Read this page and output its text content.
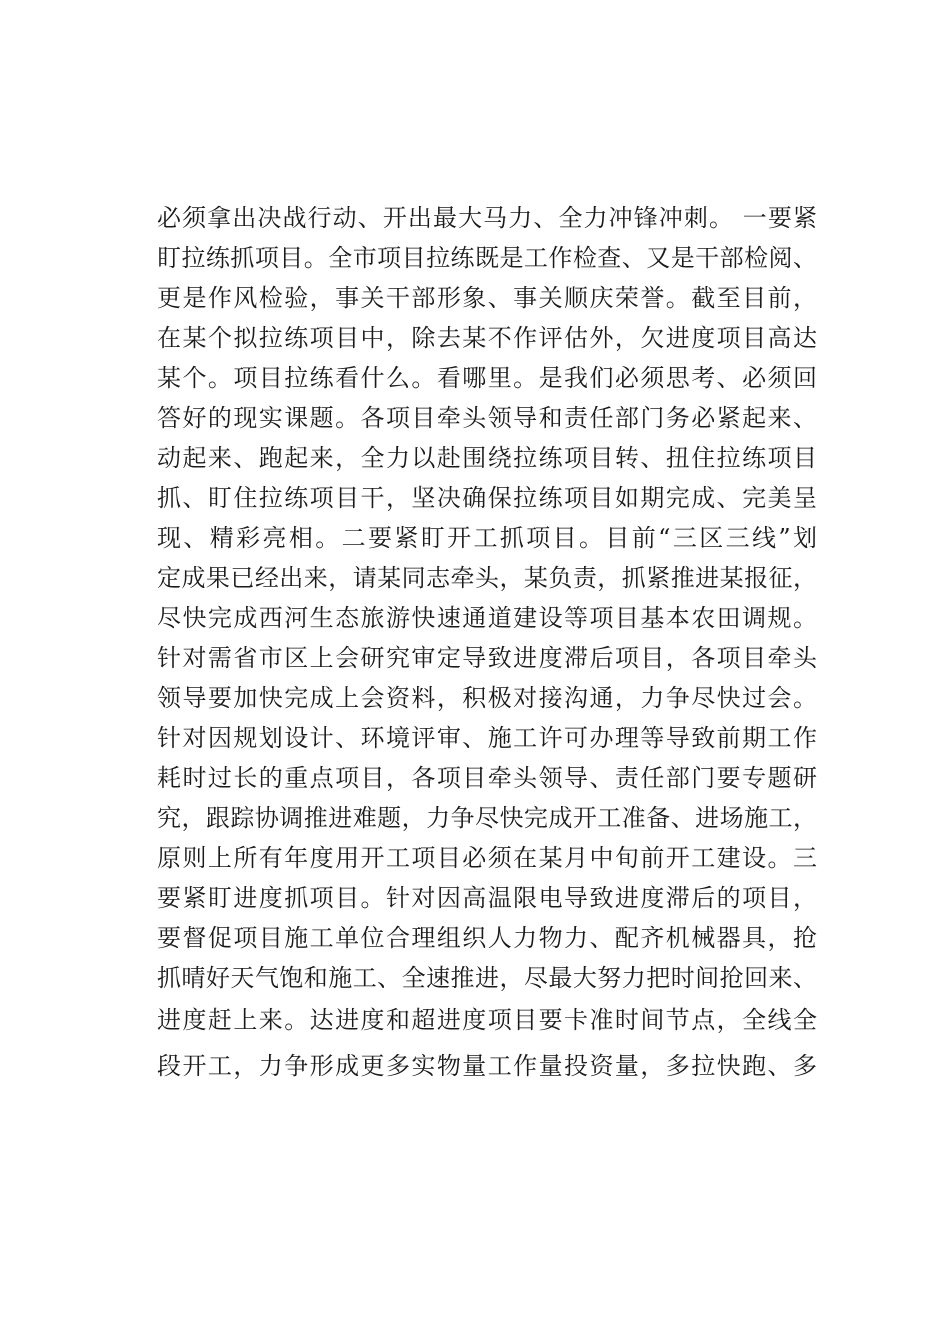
必须拿出决战行动、开出最大马力、全力冲锋冲刺。 一要紧
盯拉练抓项目。全市项目拉练既是工作检查、又是干部检阅、
更是作风检验，事关干部形象、事关顺庆荣誉。截至目前，
在某个拟拉练项目中，除去某不作评估外，欠进度项目高达
某个。项目拉练看什么。看哪里。是我们必须思考、必须回
答好的现实课题。各项目牵头领导和责任部门务必紧起来、
动起来、跑起来，全力以赴围绕拉练项目转、扭住拉练项目
抓、盯住拉练项目干，坚决确保拉练项目如期完成、完美呈
现、精彩亮相。二要紧盯开工抓项目。目前“三区三线”划
定成果已经出来，请某同志牵头，某负责，抓紧推进某报征，
尽快完成西河生态旅游快速通道建设等项目基本农田调规。
针对需省市区上会研究审定导致进度滞后项目，各项目牵头
领导要加快完成上会资料，积极对接沟通，力争尽快过会。
针对因规划设计、环境评审、施工许可办理等导致前期工作
耗时过长的重点项目，各项目牵头领导、责任部门要专题研
究，跟踪协调推进难题，力争尽快完成开工准备、进场施工，
原则上所有年度用开工项目必须在某月中旬前开工建设。三
要紧盯进度抓项目。针对因高温限电导致进度滞后的项目，
要督促项目施工单位合理组织人力物力、配齐机械器具，抢
抓晴好天气饱和施工、全速推进，尽最大努力把时间抢回来、
进度赶上来。达进度和超进度项目要卡准时间节点，全线全
段开工，力争形成更多实物量工作量投资量，多拉快跑、多
